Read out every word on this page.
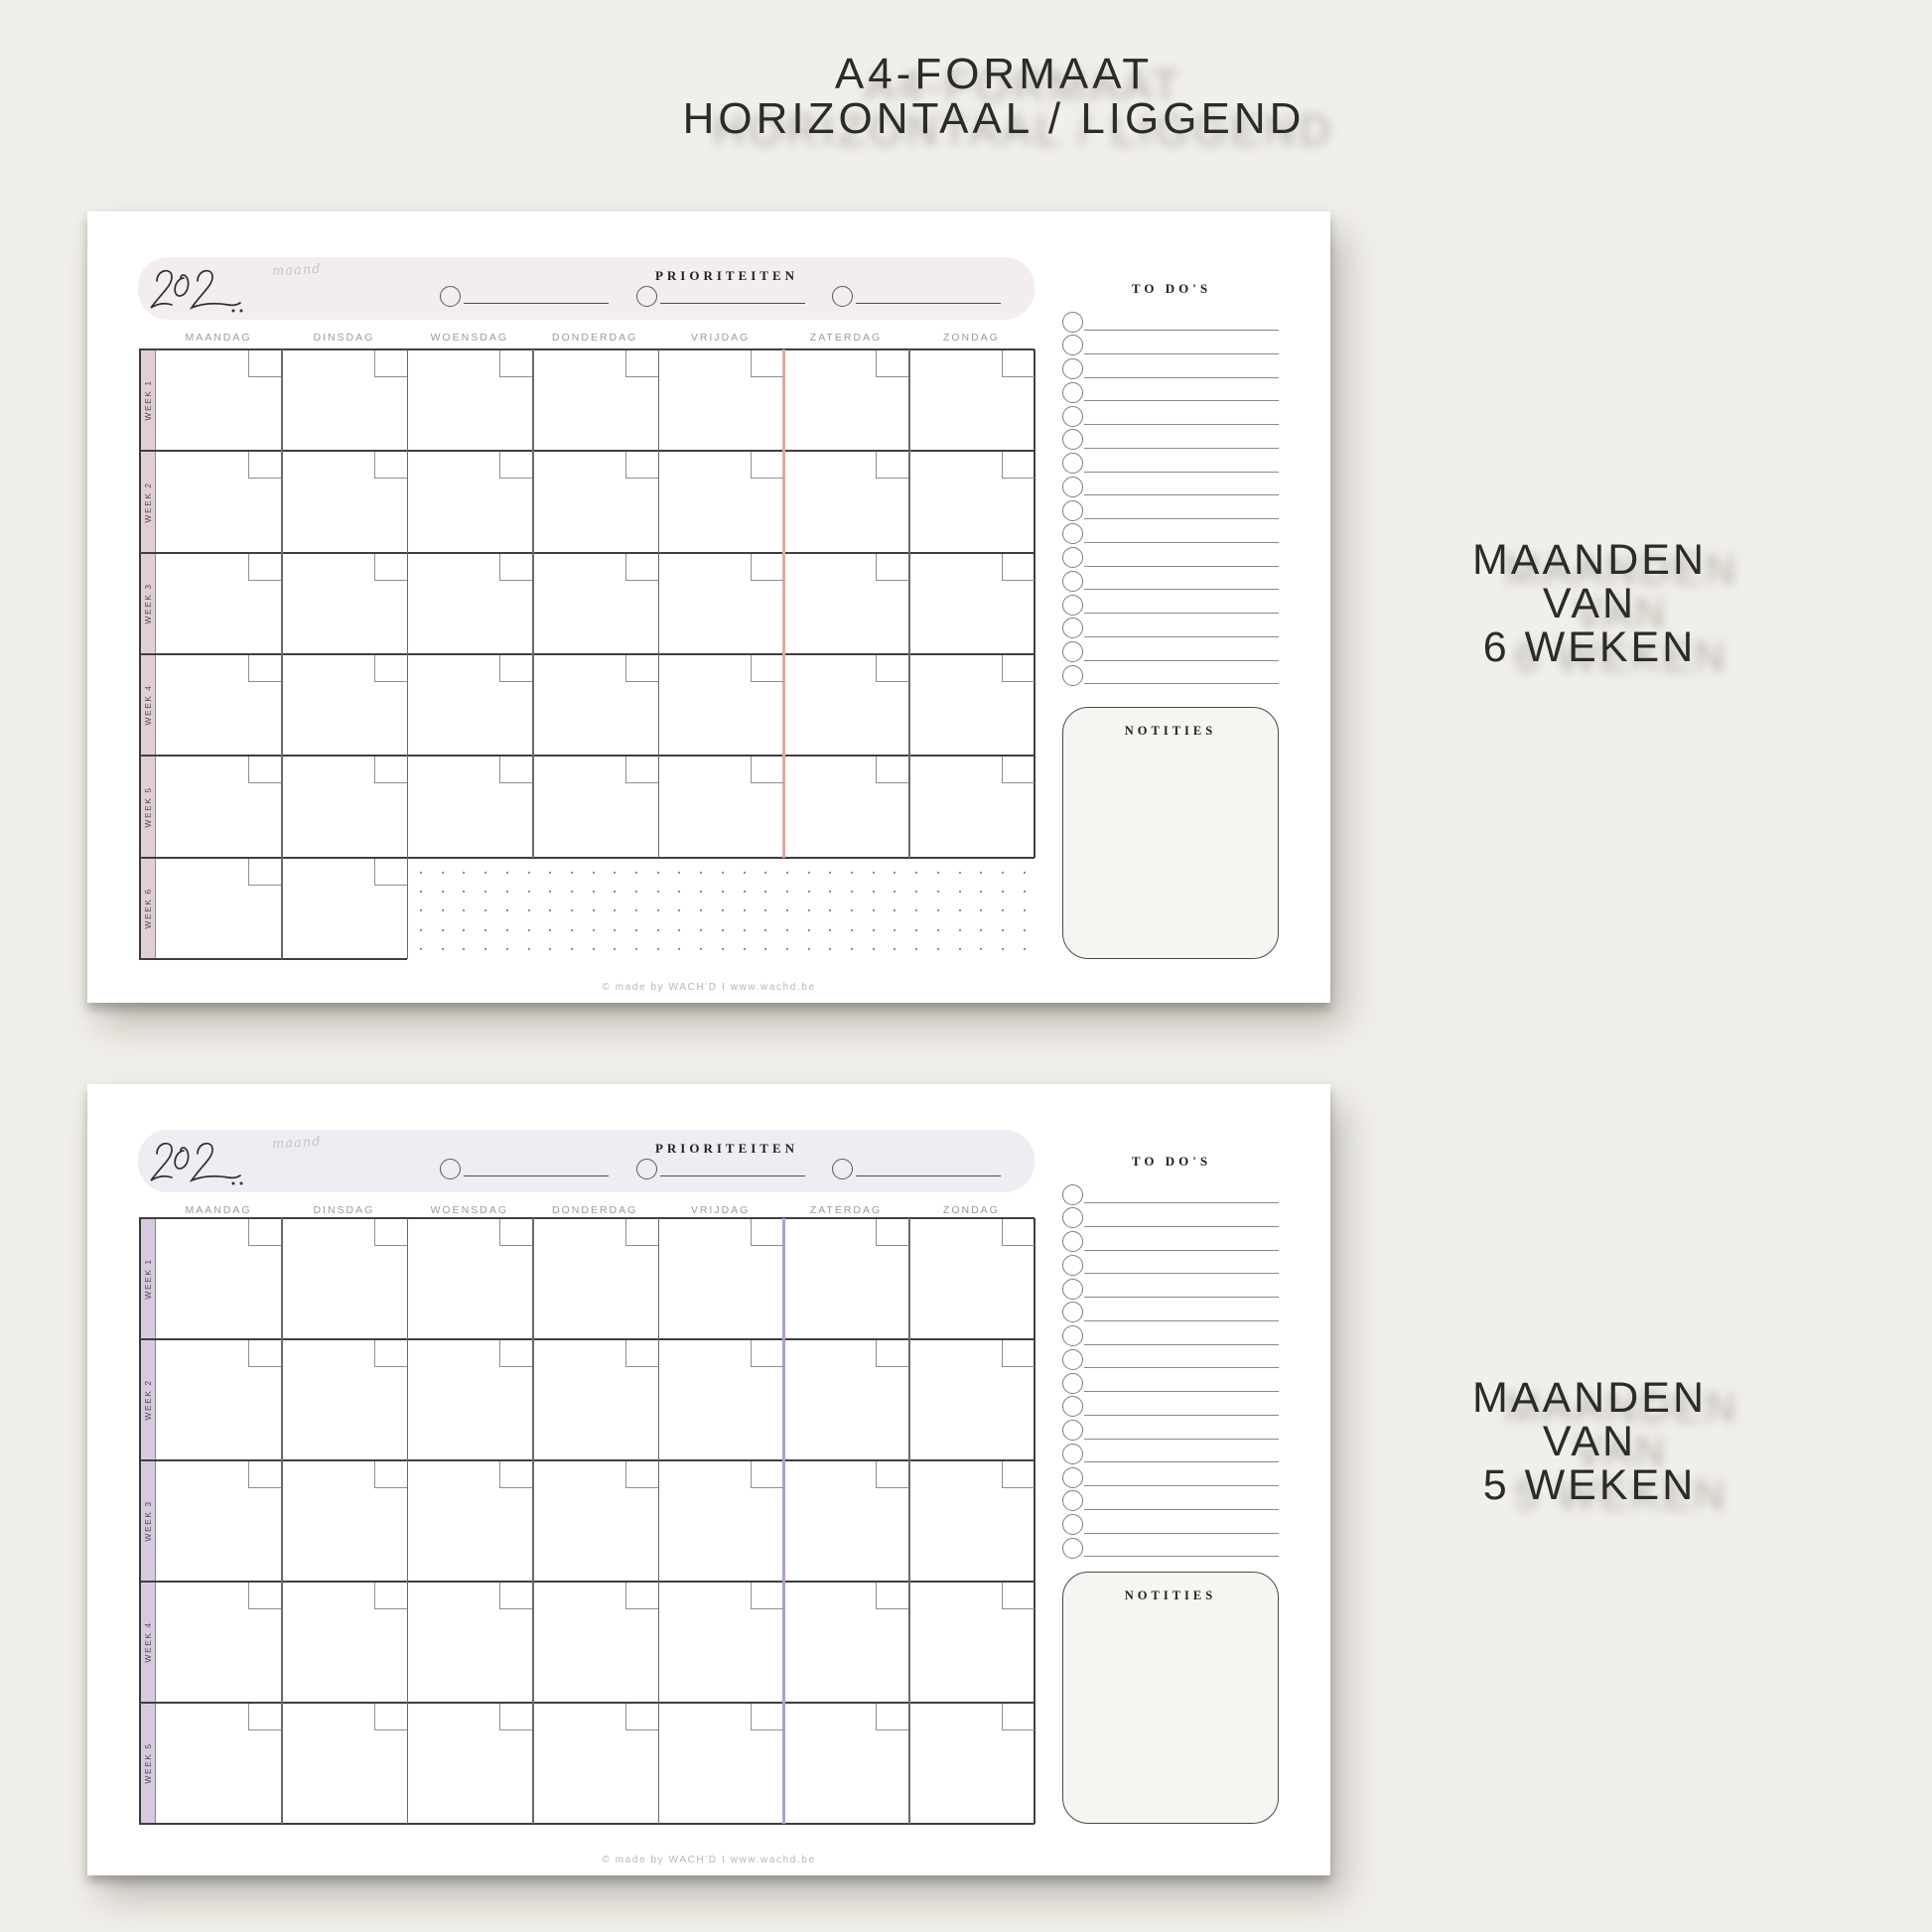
A4-FORMAAT
HORIZONTAAL / LIGGEND
MAANDEN
VAN
6 WEKEN
MAANDEN
VAN
5 WEKEN
maand	PRIORITEITEN
MAANDAG	DINSDAG	WOENSDAG	DONDERDAG	VRIJDAG	ZATERDAG	ZONDAG
WEEK 1
WEEK 2
WEEK 3
WEEK 4
WEEK 5
WEEK 6
TO DO'S
NOTITIES
© made by WACH'D I www.wachd.be
maand	PRIORITEITEN
MAANDAG	DINSDAG	WOENSDAG	DONDERDAG	VRIJDAG	ZATERDAG	ZONDAG
WEEK 1
WEEK 2
WEEK 3
WEEK 4
WEEK 5
TO DO'S
NOTITIES
© made by WACH'D I www.wachd.be
